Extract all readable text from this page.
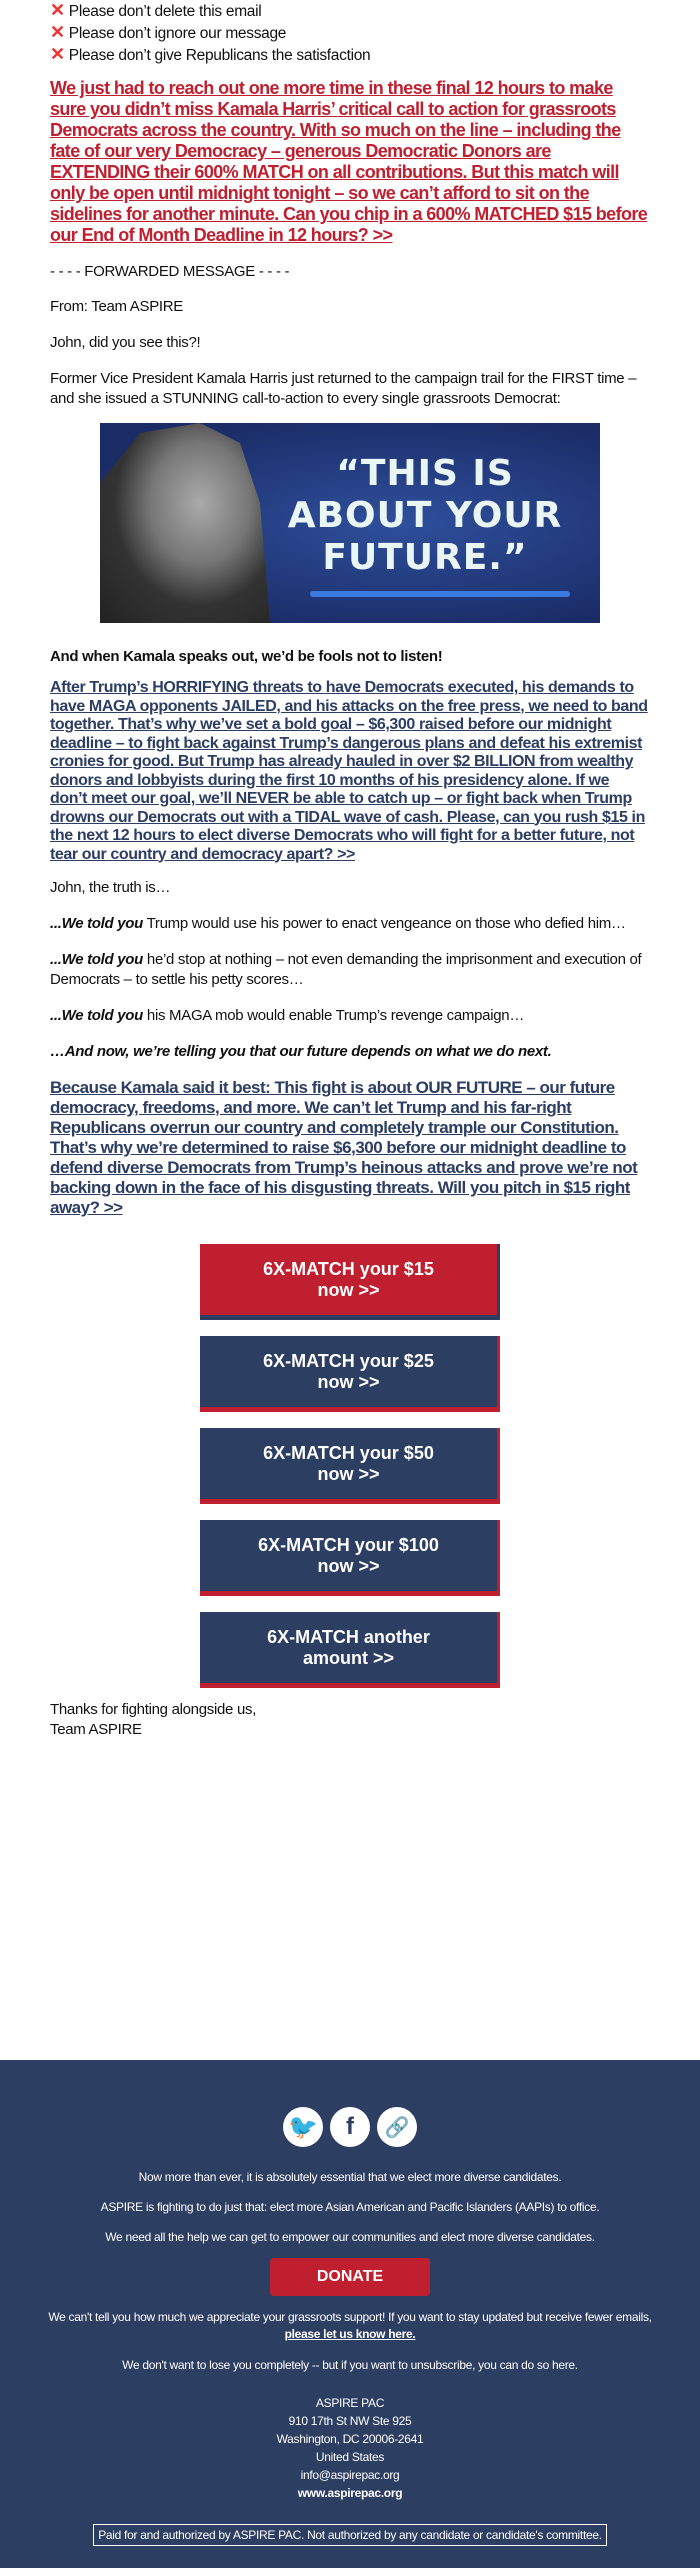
✕ Please don’t delete this email
✕ Please don’t ignore our message
✕ Please don’t give Republicans the satisfaction
We just had to reach out one more time in these final 12 hours to make sure you didn’t miss Kamala Harris’ critical call to action for grassroots Democrats across the country. With so much on the line – including the fate of our very Democracy – generous Democratic Donors are EXTENDING their 600% MATCH on all contributions. But this match will only be open until midnight tonight – so we can’t afford to sit on the sidelines for another minute. Can you chip in a 600% MATCHED $15 before our End of Month Deadline in 12 hours? >>
- - - - FORWARDED MESSAGE - - - -
From: Team ASPIRE
John, did you see this?!
Former Vice President Kamala Harris just returned to the campaign trail for the FIRST time – and she issued a STUNNING call-to-action to every single grassroots Democrat:
“THIS IS
ABOUT YOUR
FUTURE.”
And when Kamala speaks out, we’d be fools not to listen!
After Trump’s HORRIFYING threats to have Democrats executed, his demands to have MAGA opponents JAILED, and his attacks on the free press, we need to band together. That’s why we’ve set a bold goal – $6,300 raised before our midnight deadline – to fight back against Trump’s dangerous plans and defeat his extremist cronies for good. But Trump has already hauled in over $2 BILLION from wealthy donors and lobbyists during the first 10 months of his presidency alone. If we don’t meet our goal, we’ll NEVER be able to catch up – or fight back when Trump drowns our Democrats out with a TIDAL wave of cash. Please, can you rush $15 in the next 12 hours to elect diverse Democrats who will fight for a better future, not tear our country and democracy apart? >>
John, the truth is…
...We told you Trump would use his power to enact vengeance on those who defied him…
...We told you he’d stop at nothing – not even demanding the imprisonment and execution of Democrats – to settle his petty scores…
...We told you his MAGA mob would enable Trump’s revenge campaign…
…And now, we’re telling you that our future depends on what we do next.
Because Kamala said it best: This fight is about OUR FUTURE – our future democracy, freedoms, and more. We can’t let Trump and his far-right Republicans overrun our country and completely trample our Constitution. That’s why we’re determined to raise $6,300 before our midnight deadline to defend diverse Democrats from Trump’s heinous attacks and prove we’re not backing down in the face of his disgusting threats. Will you pitch in $15 right away? >>
6X-MATCH your $15
now >>
6X-MATCH your $25
now >>
6X-MATCH your $50
now >>
6X-MATCH your $100
now >>
6X-MATCH another
amount >>
Thanks for fighting alongside us,
Team ASPIRE
🐦	f	🔗
Now more than ever, it is absolutely essential that we elect more diverse candidates.
ASPIRE is fighting to do just that: elect more Asian American and Pacific Islanders (AAPIs) to office.
We need all the help we can get to empower our communities and elect more diverse candidates.
DONATE
We can't tell you how much we appreciate your grassroots support! If you want to stay updated but receive fewer emails,
please let us know here.
We don't want to lose you completely -- but if you want to unsubscribe, you can do so here.
ASPIRE PAC
910 17th St NW Ste 925
Washington, DC 20006-2641
United States
info@aspirepac.org
www.aspirepac.org
Paid for and authorized by ASPIRE PAC. Not authorized by any candidate or candidate's committee.
